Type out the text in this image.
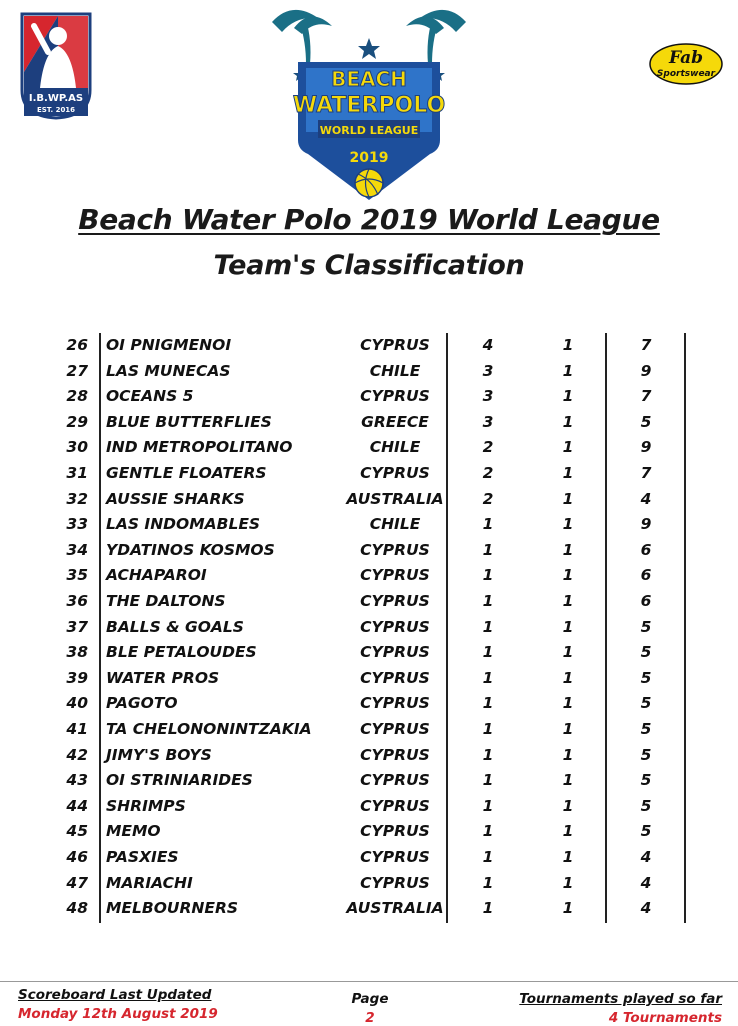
I.B.WP.AS
EST. 2016
BEACH
WATERPOLO
WORLD LEAGUE
2019
Fab
Sportswear
Beach Water Polo 2019 World League
Team's Classification
26 OI PNIGMENOI	CYPRUS	4	1	7
27 LAS MUNECAS	CHILE	3	1	9
28 OCEANS 5	CYPRUS	3	1	7
29 BLUE BUTTERFLIES	GREECE	3	1	5
30 IND METROPOLITANO	CHILE	2	1	9
31 GENTLE FLOATERS	CYPRUS	2	1	7
32 AUSSIE SHARKS	AUSTRALIA	2	1	4
33 LAS INDOMABLES	CHILE	1	1	9
34 YDATINOS KOSMOS	CYPRUS	1	1	6
35 ACHAPAROI	CYPRUS	1	1	6
36 THE DALTONS	CYPRUS	1	1	6
37 BALLS & GOALS	CYPRUS	1	1	5
38 BLE PETALOUDES	CYPRUS	1	1	5
39 WATER PROS	CYPRUS	1	1	5
40 PAGOTO	CYPRUS	1	1	5
41 TA CHELONONINTZAKIA	CYPRUS	1	1	5
42 JIMY'S BOYS	CYPRUS	1	1	5
43 OI STRINIARIDES	CYPRUS	1	1	5
44 SHRIMPS	CYPRUS	1	1	5
45 MEMO	CYPRUS	1	1	5
46 PASXIES	CYPRUS	1	1	4
47 MARIACHI	CYPRUS	1	1	4
48 MELBOURNERS	AUSTRALIA	1	1	4
Scoreboard Last Updated
Monday 12th August 2019
Page
2
Tournaments played so far
4 Tournaments
